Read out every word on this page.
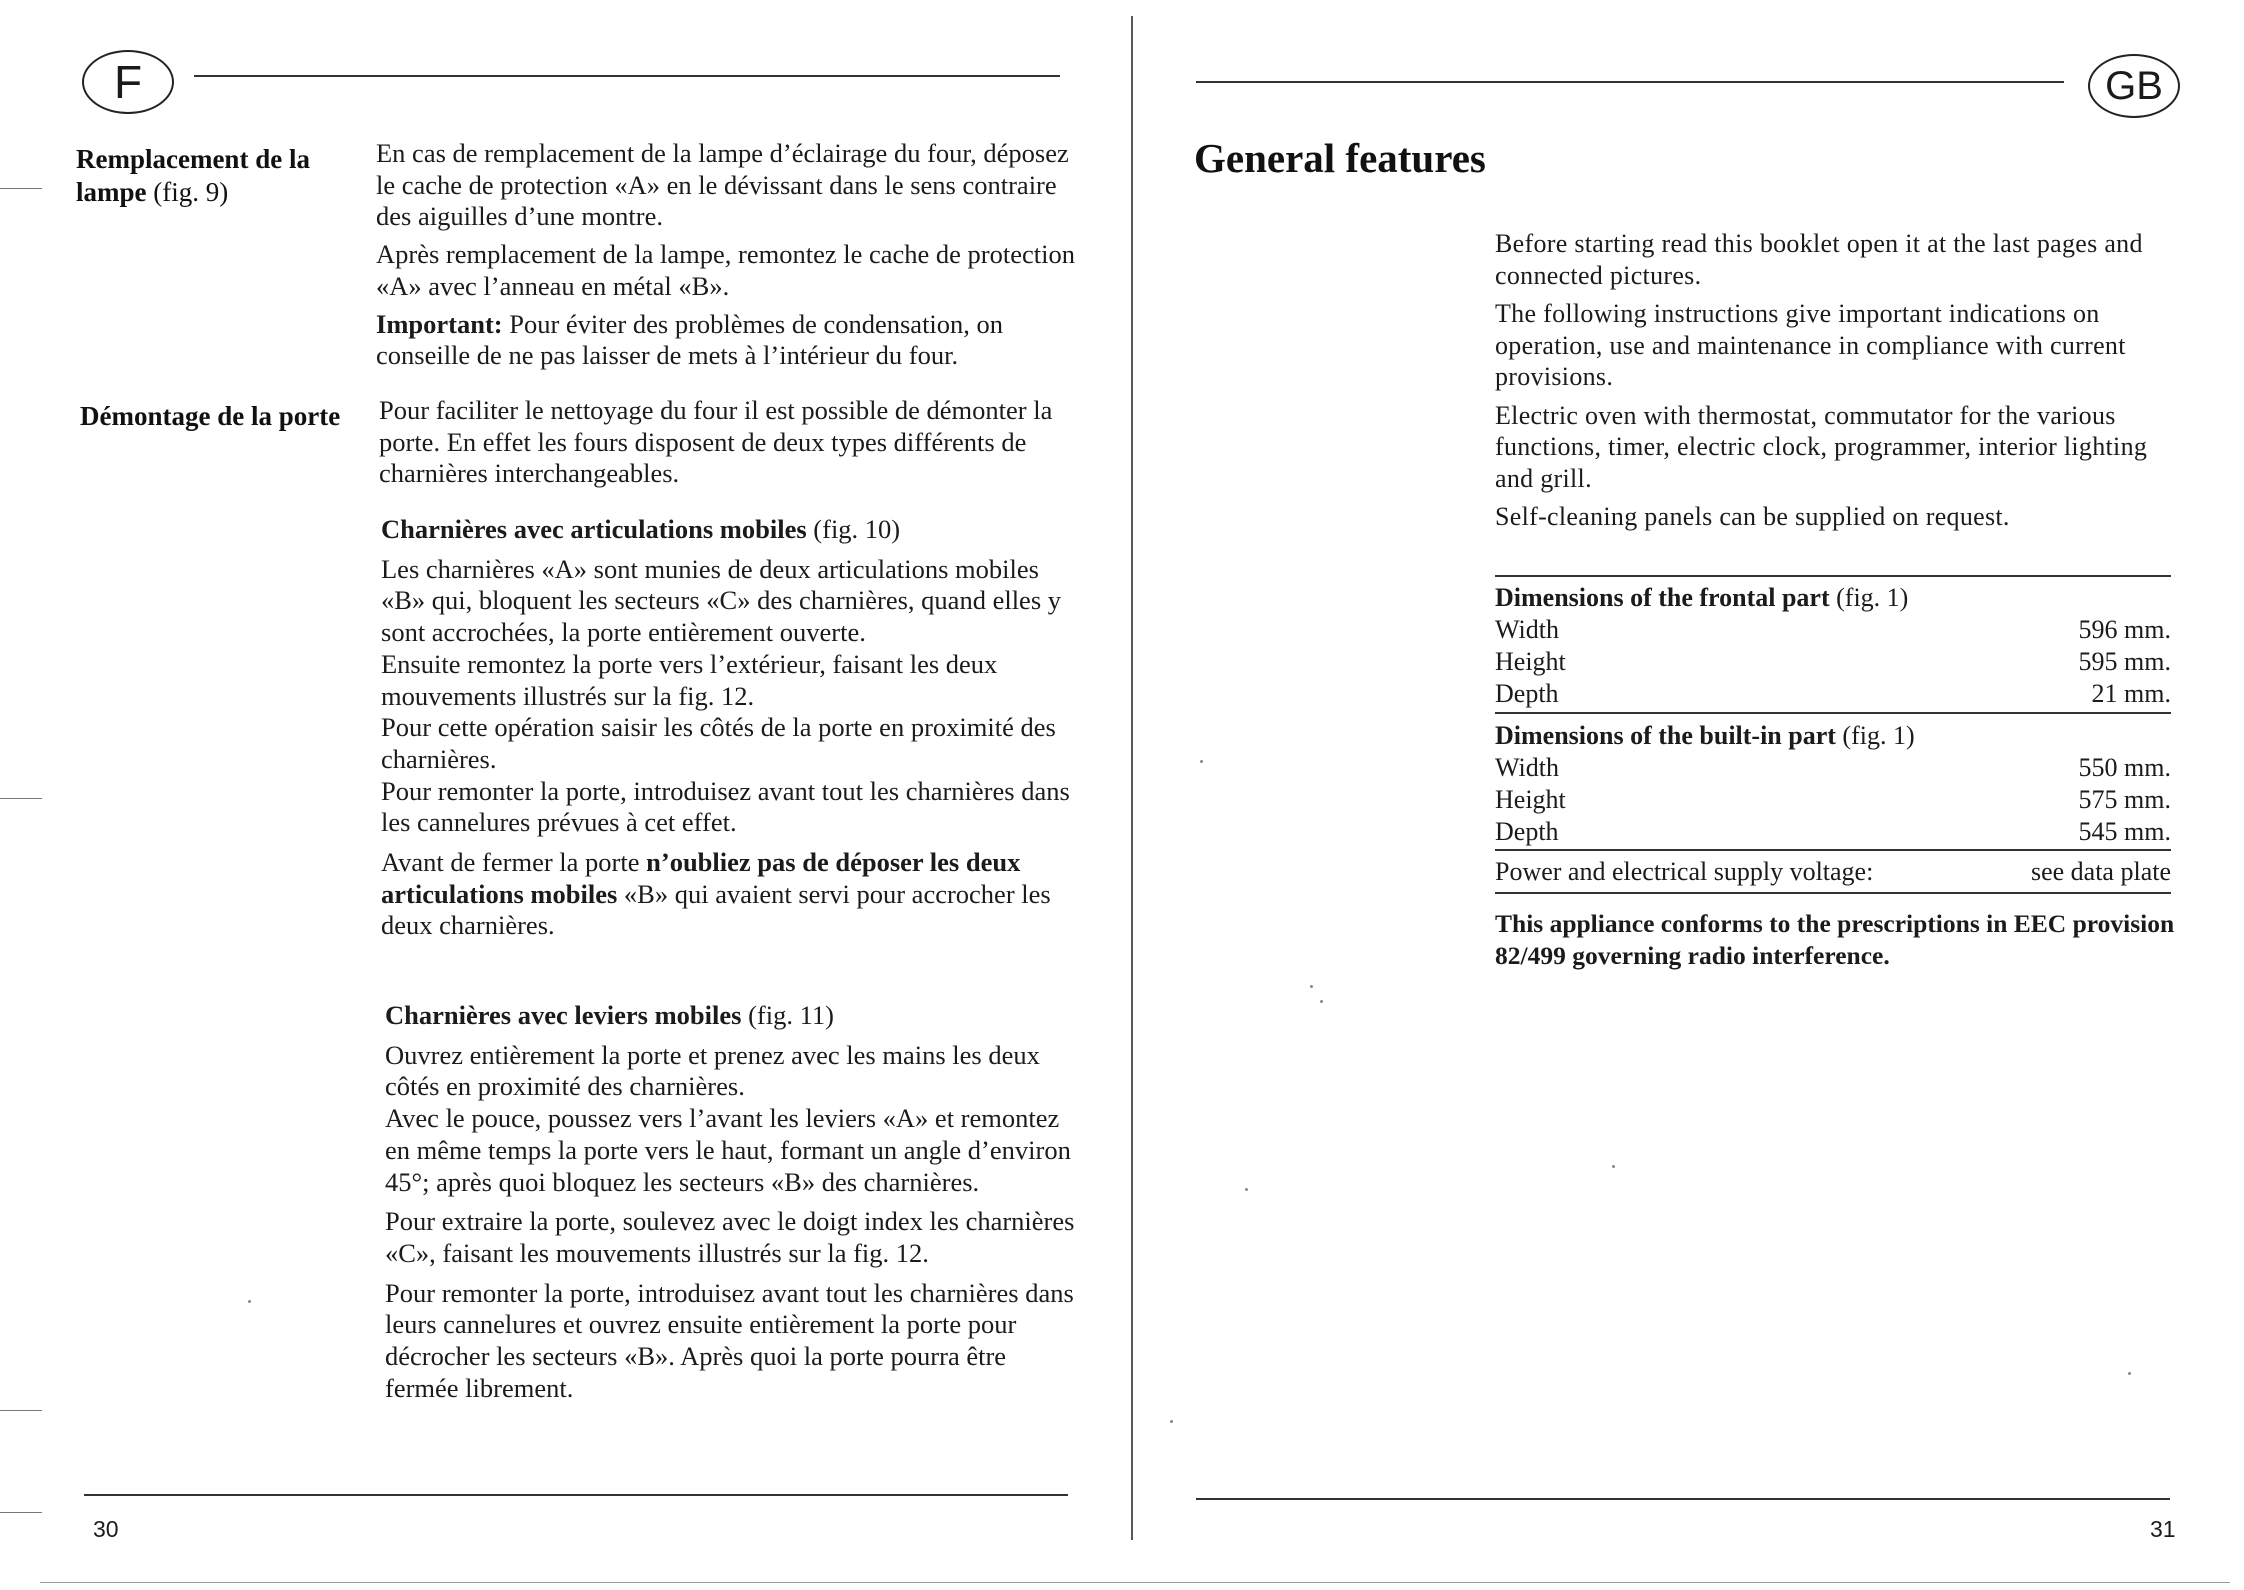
F
Remplacement de la lampe (fig. 9)

En cas de remplacement de la lampe d’éclairage du four, déposez le cache de protection «A» en le dévissant dans le sens contraire des aiguilles d’une montre.

Après remplacement de la lampe, remontez le cache de protection «A» avec l’anneau en métal «B».

Important: Pour éviter des problèmes de condensation, on conseille de ne pas laisser de mets à l’intérieur du four.

Démontage de la porte	Pour faciliter le nettoyage du four il est possible de démonter la porte. En effet les fours disposent de deux types différents de charnières interchangeables.

Charnières avec articulations mobiles (fig. 10)

Les charnières «A» sont munies de deux articulations mobiles «B» qui, bloquent les secteurs «C» des charnières, quand elles y sont accrochées, la porte entièrement ouverte.

Ensuite remontez la porte vers l’extérieur, faisant les deux mouvements illustrés sur la fig. 12.

Pour cette opération saisir les côtés de la porte en proximité des charnières.

Pour remonter la porte, introduisez avant tout les charnières dans les cannelures prévues à cet effet.

Avant de fermer la porte n’oubliez pas de déposer les deux articulations mobiles «B» qui avaient servi pour accrocher les deux charnières.

Charnières avec leviers mobiles (fig. 11)

Ouvrez entièrement la porte et prenez avec les mains les deux côtés en proximité des charnières.

Avec le pouce, poussez vers l’avant les leviers «A» et remontez en même temps la porte vers le haut, formant un angle d’environ 45°; après quoi bloquez les secteurs «B» des charnières.

Pour extraire la porte, soulevez avec le doigt index les charnières «C», faisant les mouvements illustrés sur la fig. 12.

Pour remonter la porte, introduisez avant tout les charnières dans leurs cannelures et ouvrez ensuite entièrement la porte pour décrocher les secteurs «B». Après quoi la porte pourra être fermée librement.

30
GB
General features

Before starting read this booklet open it at the last pages and connected pictures.

The following instructions give important indications on operation, use and maintenance in compliance with current provisions.

Electric oven with thermostat, commutator for the various functions, timer, electric clock, programmer, interior lighting and grill.

Self-cleaning panels can be supplied on request.

Dimensions of the frontal part (fig. 1)
Width	596 mm.
Height	595 mm.
Depth	21 mm.
Dimensions of the built-in part (fig. 1)
Width	550 mm.
Height	575 mm.
Depth	545 mm.
Power and electrical supply voltage:	see data plate
This appliance conforms to the prescriptions in EEC provision 82/499 governing radio interference.
31
